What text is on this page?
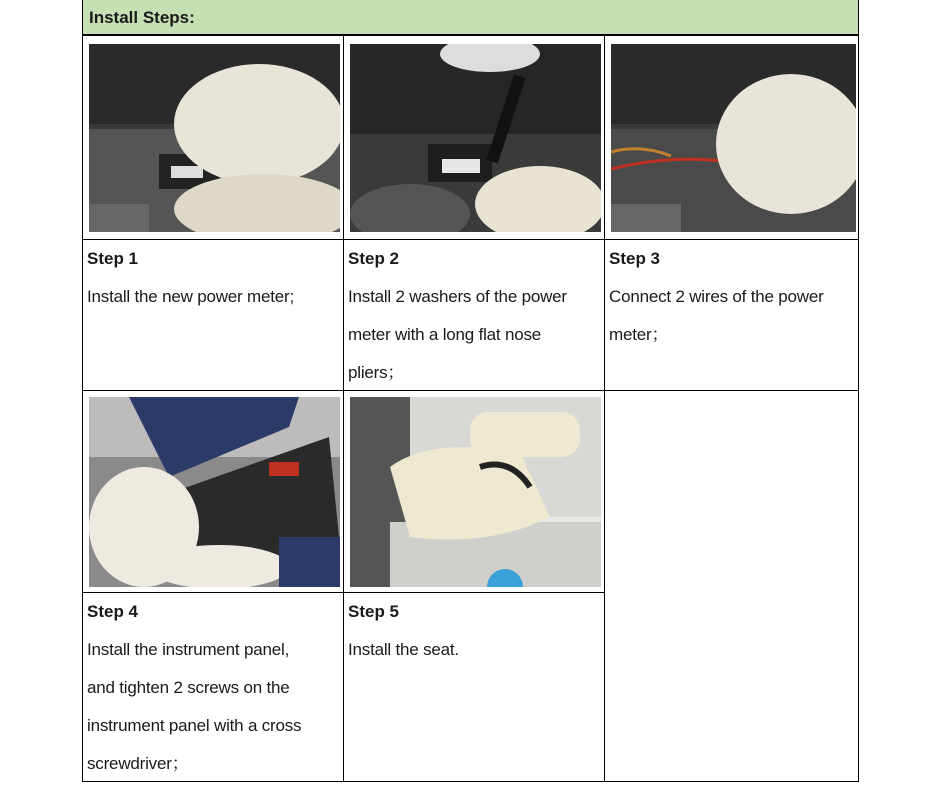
Install Steps:
Step 1
Install the new power meter;
Step 2
Install 2 washers of the power
meter with a long flat nose
pliers；
Step 3
Connect 2 wires of the power
meter；
Step 4
Install the instrument panel,
and tighten 2 screws on the
instrument panel with a cross
screwdriver；
Step 5
Install the seat.
